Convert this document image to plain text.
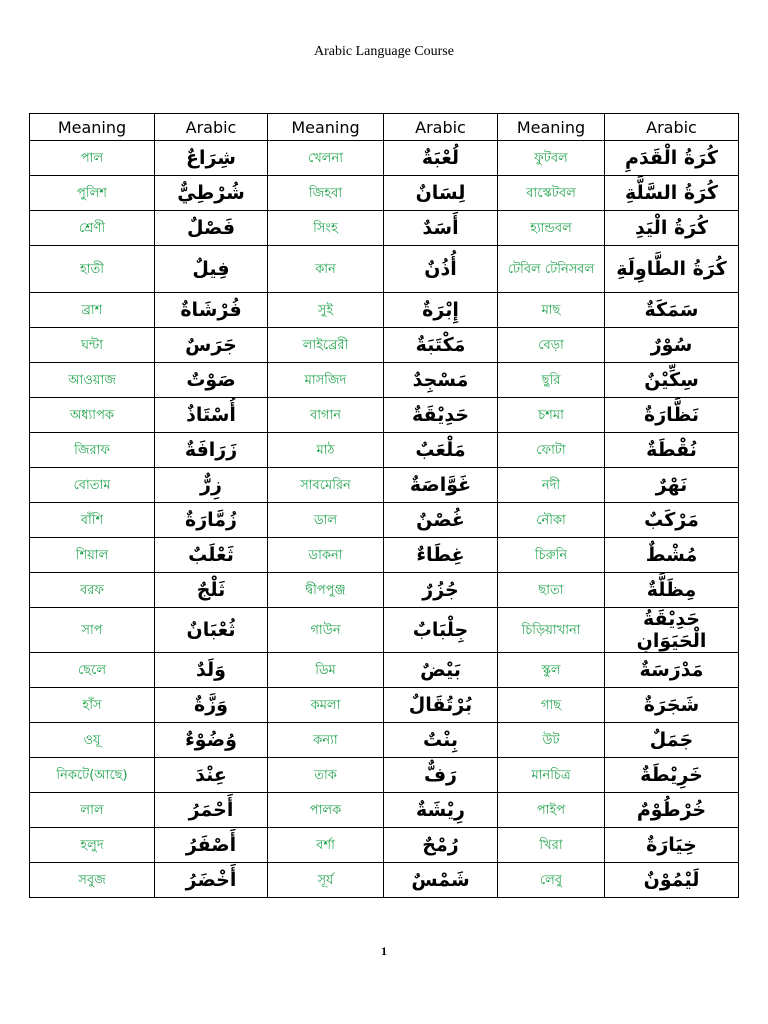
Arabic Language Course
Meaning	Arabic	Meaning	Arabic	Meaning	Arabic
পাল	شِرَاعٌ	খেলনা	لُعْبَةٌ	ফুটবল	كُرَةُ الْقَدَمِ
পুলিশ	شُرْطِيٌّ	জিহবা	لِسَانٌ	বাস্কেটবল	كُرَةُ السَّلَّةِ
শ্রেণী	فَصْلٌ	সিংহ	أَسَدٌ	হ্যান্ডবল	كُرَةُ الْيَدِ
হাতী	فِيلٌ	কান	أُذُنٌ	টেবিল টেনিসবল	كُرَةُ الطَّاوِلَةِ
ব্রাশ	فُرْشَاةٌ	সুই	إِبْرَةٌ	মাছ	سَمَكَةٌ
ঘন্টা	جَرَسٌ	লাইব্রেরী	مَكْتَبَةٌ	বেড়া	سُوْرٌ
আওয়াজ	صَوْتٌ	মাসজিদ	مَسْجِدٌ	ছুরি	سِكِّيْنٌ
অধ্যাপক	أُسْتَاذٌ	বাগান	حَدِيْقَةٌ	চশমা	نَظَّارَةٌ
জিরাফ	زَرَافَةٌ	মাঠ	مَلْعَبٌ	ফোটা	نُقْطَةٌ
বোতাম	زِرٌّ	সাবমেরিন	غَوَّاصَةٌ	নদী	نَهْرٌ
বাঁশি	زُمَّارَةٌ	ডাল	غُصْنٌ	নৌকা	مَرْكَبٌ
শিয়াল	ثَعْلَبٌ	ডাকনা	غِطَاءٌ	চিরুনি	مُشْطٌ
বরফ	ثَلْجٌ	দ্বীপপুঞ্জ	جُزُرٌ	ছাতা	مِظَلَّةٌ
সাপ	ثُعْبَانٌ	গাউন	جِلْبَابٌ	চিড়িয়াখানা	حَدِيْقَةُ الْحَيَوَانِ
ছেলে	وَلَدٌ	ডিম	بَيْضٌ	স্কুল	مَدْرَسَةٌ
হাঁস	وَزَّةٌ	কমলা	بُرْتُقَالٌ	গাছ	شَجَرَةٌ
ওযূ	وُضُوْءٌ	কন্যা	بِنْتٌ	উট	جَمَلٌ
নিকটে(আছে)	عِنْدَ	তাক	رَفٌّ	মানচিত্র	خَرِيْطَةٌ
লাল	أَحْمَرُ	পালক	رِيْشَةٌ	পাইপ	خُرْطُوْمٌ
হলুদ	أَصْفَرُ	বর্শা	رُمْحٌ	খিরা	خِيَارَةٌ
সবুজ	أَخْضَرُ	সূর্য	شَمْسٌ	লেবু	لَيْمُوْنٌ
1
